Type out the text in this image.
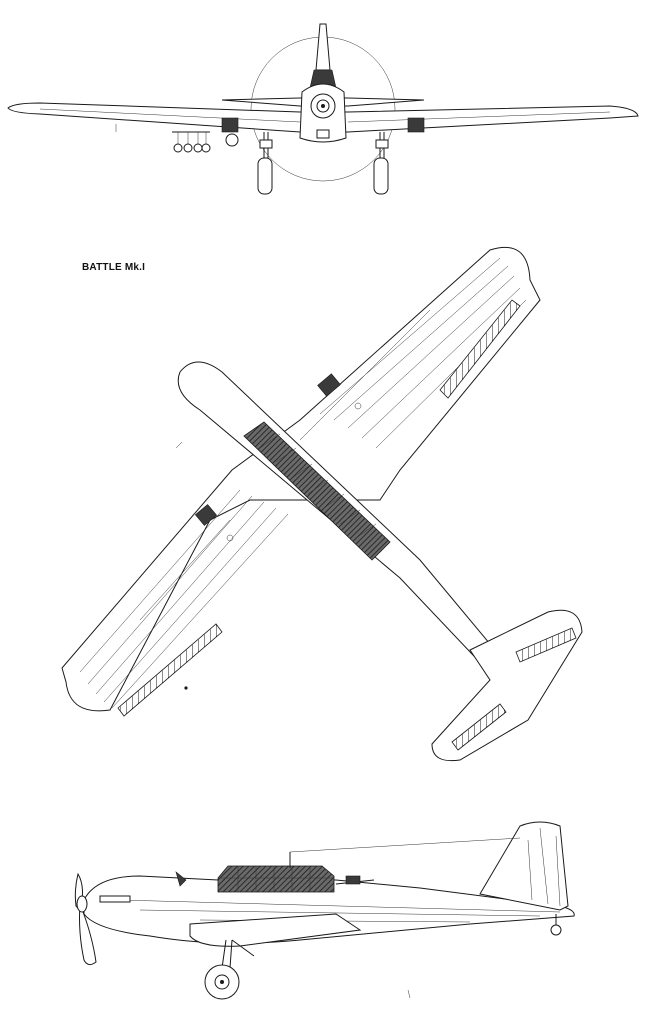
BATTLE Mk.I
